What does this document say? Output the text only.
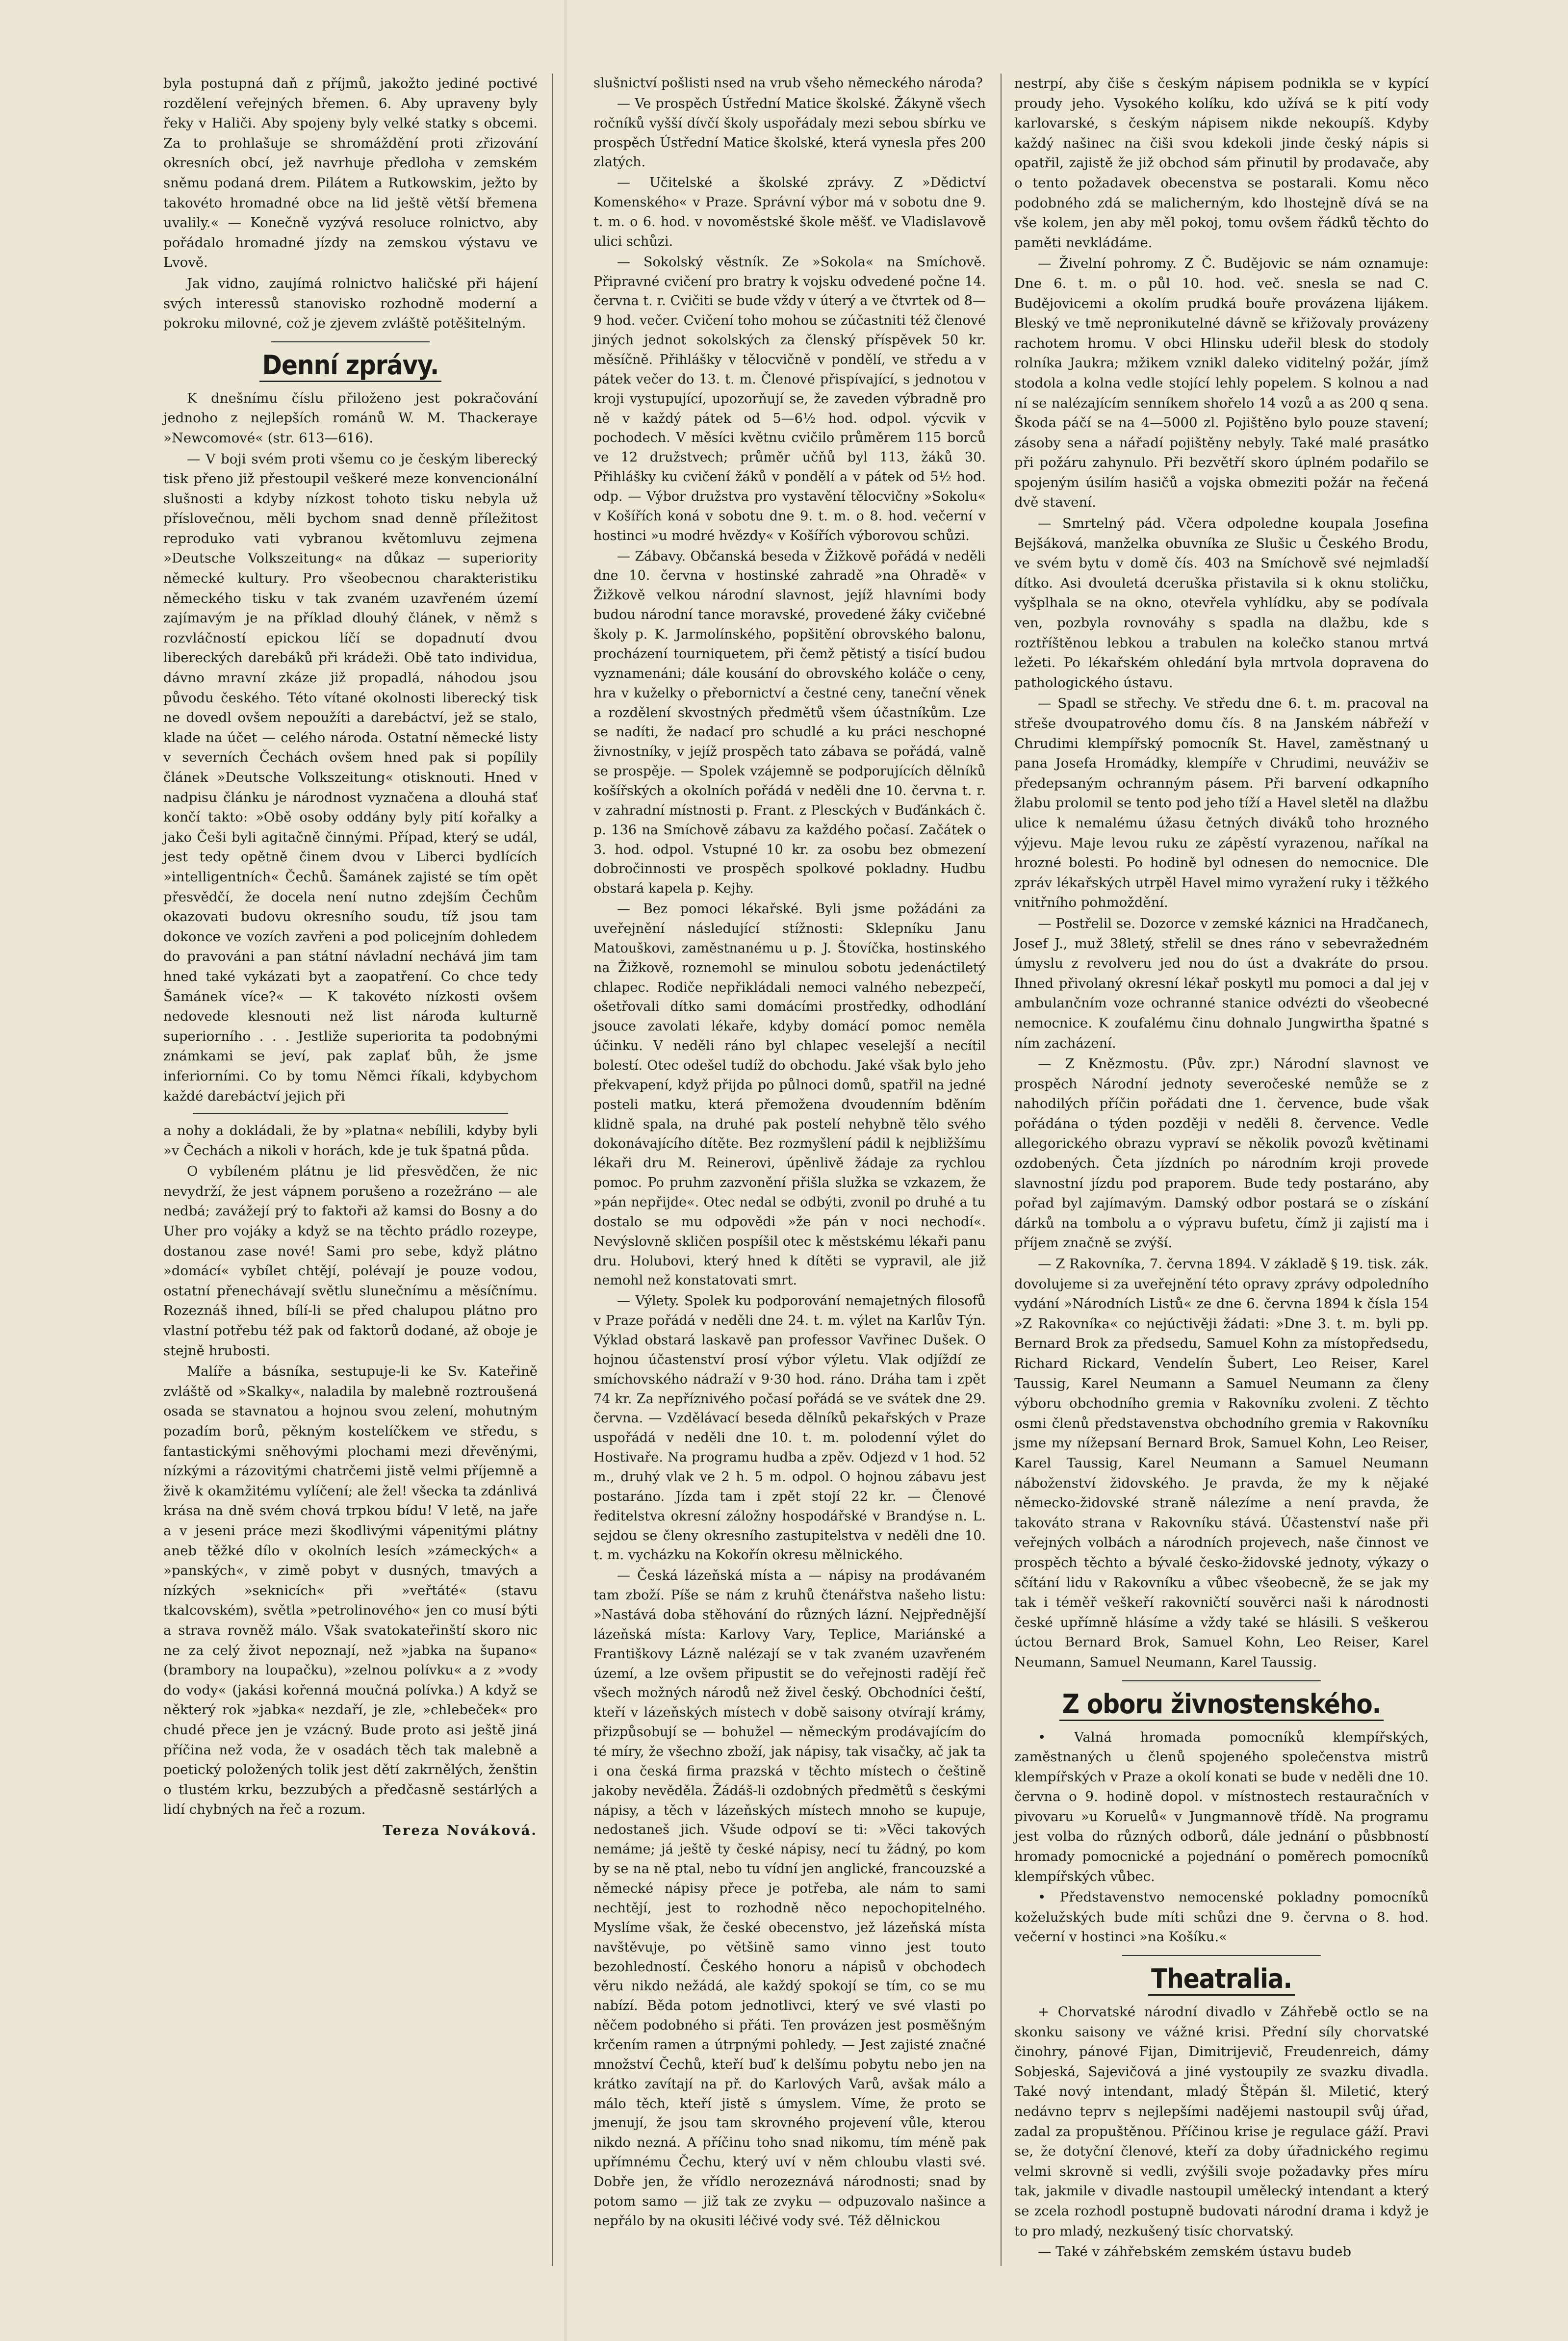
byla postupná daň z příjmů, jakožto jediné poctivé rozdělení veřejných břemen. 6. Aby upraveny byly řeky v Haliči. Aby spojeny byly velké statky s obcemi. Za to prohlašuje se shromáždění proti zřizování okresních obcí, jež navrhuje předloha v zemském sněmu podaná drem. Pilátem a Rutkowskim, ježto by takovéto hromadné obce na lid ještě větší břemena uvalily.« — Konečně vyzývá resoluce rolnictvo, aby pořádalo hromadné jízdy na zemskou výstavu ve Lvově.

Jak vidno, zaujímá rolnictvo haličské při hájení svých interessů stanovisko rozhodně moderní a pokroku milovné, což je zjevem zvláště potěšitelným.

Denní zprávy.

K dnešnímu číslu přiloženo jest pokračování jednoho z nejlepších románů W. M. Thackeraye »Newcomové« (str. 613—616).

— V boji svém proti všemu co je českým liberecký tisk přeno již přestoupil veškeré meze konvencionální slušnosti a kdyby nízkost tohoto tisku nebyla už příslovečnou, měli bychom snad denně příležitost reproduko vati vybranou květomluvu zejmena »Deutsche Volkszeitung« na důkaz — superiority německé kultury. Pro všeobecnou charakteristiku německého tisku v tak zvaném uzavřeném území zajímavým je na příklad dlouhý článek, v němž s rozvláčností epickou líčí se dopadnutí dvou libereckých darebáků při krádeži. Obě tato individua, dávno mravní zkáze již propadlá, náhodou jsou původu českého. Této vítané okolnosti liberecký tisk ne dovedl ovšem nepoužíti a darebáctví, jež se stalo, klade na účet — celého národa. Ostatní německé listy v severních Čechách ovšem hned pak si popílily článek »Deutsche Volkszeitung« otisknouti. Hned v nadpisu článku je národnost vyznačena a dlouhá stať končí takto: »Obě osoby oddány byly pití kořalky a jako Češi byli agitačně činnými. Případ, který se udál, jest tedy opětně činem dvou v Liberci bydlících »intelligentních« Čechů. Šamánek zajisté se tím opět přesvědčí, že docela není nutno zdejším Čechům okazovati budovu okresního soudu, tíž jsou tam dokonce ve vozích zavřeni a pod policejním dohledem do pravováni a pan státní návladní nechává jim tam hned také vykázati byt a zaopatření. Co chce tedy Šamánek více?« — K takovéto nízkosti ovšem nedovede klesnouti než list národa kulturně superiorního . . . Jestliže superiorita ta podobnými známkami se jeví, pak zaplať bůh, že jsme inferiorními. Co by tomu Němci říkali, kdybychom každé darebáctví jejich při

a nohy a dokládali, že by »platna« nebílili, kdyby byli »v Čechách a nikoli v horách, kde je tuk špatná půda.

O vybíleném plátnu je lid přesvědčen, že nic nevydrží, že jest vápnem porušeno a rozežráno — ale nedbá; zavážejí prý to faktoři až kamsi do Bosny a do Uher pro vojáky a když se na těchto prádlo rozeype, dostanou zase nové! Sami pro sebe, když plátno »domácí« vybílet chtějí, polévají je pouze vodou, ostatní přenechávají světlu slunečnímu a měsíčnímu. Rozeznáš ihned, bílí-li se před chalupou plátno pro vlastní potřebu též pak od faktorů dodané, až oboje je stejně hrubosti.

Malíře a básníka, sestupuje-li ke Sv. Kateřině zvláště od »Skalky«, naladila by malebně roztroušená osada se stavnatou a hojnou svou zelení, mohutným pozadím borů, pěkným kostelíčkem ve středu, s fantastickými sněhovými plochami mezi dřevěnými, nízkými a rázovitými chatrčemi jistě velmi příjemně a živě k okamžitému vylíčení; ale žel! všecka ta zdánlivá krása na dně svém chová trpkou bídu! V letě, na jaře a v jeseni práce mezi škodlivými vápenitými plátny aneb těžké dílo v okolních lesích »zámeckých« a »panských«, v zimě pobyt v dusných, tmavých a nízkých »seknicích« při »veřtáté« (stavu tkalcovském), světla »petrolinového« jen co musí býti a strava rovněž málo. Však svatokateřinští skoro nic ne za celý život nepoznají, než »jabka na šupano« (brambory na loupačku), »zelnou polívku« a z »vody do vody« (jakási kořenná moučná polívka.) A když se některý rok »jabka« nezdaří, je zle, »chlebeček« pro chudé přece jen je vzácný. Bude proto asi ještě jiná příčina než voda, že v osadách těch tak malebně a poetický položených tolik jest dětí zakrnělých, ženštin o tlustém krku, bezzubých a předčasně sestárlých a lidí chybných na řeč a rozum.

Tereza Nováková.

slušnictví pošlisti nsed na vrub všeho německého národa?

— Ve prospěch Ústřední Matice školské. Žákyně všech ročníků vyšší dívčí školy uspořádaly mezi sebou sbírku ve prospěch Ústřední Matice školské, která vynesla přes 200 zlatých.

— Učitelské a školské zprávy. Z »Dědictví Komenského« v Praze. Správní výbor má v sobotu dne 9. t. m. o 6. hod. v novoměstské škole měšť. ve Vladislavově ulici schůzi.

— Sokolský věstník. Ze »Sokola« na Smíchově. Připravné cvičení pro bratry k vojsku odvedené počne 14. června t. r. Cvičiti se bude vždy v úterý a ve čtvrtek od 8—9 hod. večer. Cvičení toho mohou se zúčastniti též členové jiných jednot sokolských za členský příspěvek 50 kr. měsíčně. Přihlášky v tělocvičně v pondělí, ve středu a v pátek večer do 13. t. m. Členové přispívající, s jednotou v kroji vystupující, upozorňují se, že zaveden výbradně pro ně v každý pátek od 5—6½ hod. odpol. výcvik v pochodech. V měsíci květnu cvičilo průměrem 115 borců ve 12 družstvech; průměr učňů byl 113, žáků 30. Přihlášky ku cvičení žáků v pondělí a v pátek od 5½ hod. odp. — Výbor družstva pro vystavění tělocvičny »Sokolu« v Košířích koná v sobotu dne 9. t. m. o 8. hod. večerní v hostinci »u modré hvězdy« v Košířích výborovou schůzi.

— Zábavy. Občanská beseda v Žižkově pořádá v neděli dne 10. června v hostinské zahradě »na Ohradě« v Žižkově velkou národní slavnost, jejíž hlavními body budou národní tance moravské, provedené žáky cvičebné školy p. K. Jarmolínského, popšitění obrovského balonu, procházení tourniquetem, při čemž pětistý a tisící budou vyznamenáni; dále kousání do obrovského koláče o ceny, hra v kuželky o přebornictví a čestné ceny, taneční věnek a rozdělení skvostných předmětů všem účastníkům. Lze se nadíti, že nadací pro schudlé a ku práci neschopné živnostníky, v jejíž prospěch tato zábava se pořádá, valně se prospěje. — Spolek vzájemně se podporujících dělníků košířských a okolních pořádá v neděli dne 10. června t. r. v zahradní místnosti p. Frant. z Plesckých v Buďánkách č. p. 136 na Smíchově zábavu za každého počasí. Začátek o 3. hod. odpol. Vstupné 10 kr. za osobu bez obmezení dobročinnosti ve prospěch spolkové pokladny. Hudbu obstará kapela p. Kejhy.

— Bez pomoci lékařské. Byli jsme požádáni za uveřejnění následující stížnosti: Sklepníku Janu Matouškovi, zaměstnanému u p. J. Štovíčka, hostinského na Žižkově, roznemohl se minulou sobotu jedenáctiletý chlapec. Rodiče nepřikládali nemoci valného nebezpečí, ošetřovali dítko sami domácími prostředky, odhodlání jsouce zavolati lékaře, kdyby domácí pomoc neměla účinku. V neděli ráno byl chlapec veselejší a necítil bolestí. Otec odešel tudíž do obchodu. Jaké však bylo jeho překvapení, když přijda po půlnoci domů, spatřil na jedné posteli matku, která přemožena dvoudenním bděním klidně spala, na druhé pak postelí nehybně tělo svého dokonávajícího dítěte. Bez rozmyšlení pádil k nejbližšímu lékaři dru M. Reinerovi, úpěnlivě žádaje za rychlou pomoc. Po pruhm zazvonění přišla služka se vzkazem, že »pán nepřijde«. Otec nedal se odbýti, zvonil po druhé a tu dostalo se mu odpovědi »že pán v noci nechodí«. Nevýslovně skličen pospíšil otec k městskému lékaři panu dru. Holubovi, který hned k dítěti se vypravil, ale již nemohl než konstatovati smrt.

— Výlety. Spolek ku podporování nemajetných filosofů v Praze pořádá v neděli dne 24. t. m. výlet na Karlův Týn. Výklad obstará laskavě pan professor Vavřinec Dušek. O hojnou účastenství prosí výbor výletu. Vlak odjíždí ze smíchovského nádraží v 9·30 hod. ráno. Dráha tam i zpět 74 kr. Za nepříznivého počasí pořádá se ve svátek dne 29. června. — Vzdělávací beseda dělníků pekařských v Praze uspořádá v neděli dne 10. t. m. polodenní výlet do Hostivaře. Na programu hudba a zpěv. Odjezd v 1 hod. 52 m., druhý vlak ve 2 h. 5 m. odpol. O hojnou zábavu jest postaráno. Jízda tam i zpět stojí 22 kr. — Členové ředitelstva okresní záložny hospodářské v Brandýse n. L. sejdou se členy okresního zastupitelstva v neděli dne 10. t. m. vycházku na Kokořín okresu mělnického.

— Česká lázeňská místa a — nápisy na prodávaném tam zboží. Píše se nám z kruhů čtenářstva našeho listu: »Nastává doba stěhování do různých lázní. Nejpřednější lázeňská místa: Karlovy Vary, Teplice, Mariánské a Františkovy Lázně nalézají se v tak zvaném uzavřeném území, a lze ovšem připustit se do veřejnosti radějí řeč všech možných národů než živel český. Obchodníci čeští, kteří v lázeňských místech v době saisony otvírají krámy, přizpůsobují se — bohužel — německým prodávajícím do té míry, že všechno zboží, jak nápisy, tak visačky, ač jak ta i ona česká firma prazská v těchto místech o češtině jakoby nevěděla. Žádáš-li ozdobných předmětů s českými nápisy, a těch v lázeňských místech mnoho se kupuje, nedostaneš jich. Všude odpoví se ti: »Věci takových nemáme; já ještě ty české nápisy, necí tu žádný, po kom by se na ně ptal, nebo tu vídní jen anglické, francouzské a německé nápisy přece je potřeba, ale nám to sami nechtějí, jest to rozhodně něco nepochopitelného. Myslíme však, že české obecenstvo, jež lázeňská místa navštěvuje, po většině samo vinno jest touto bezohledností. Českého honoru a nápisů v obchodech věru nikdo nežádá, ale každý spokojí se tím, co se mu nabízí. Běda potom jednotlivci, který ve své vlasti po něčem podobného si přáti. Ten provázen jest posměšným krčením ramen a útrpnými pohledy. — Jest zajisté značné množství Čechů, kteří buď k delšímu pobytu nebo jen na krátko zavítají na př. do Karlových Varů, avšak málo a málo těch, kteří jistě s úmyslem. Víme, že proto se jmenují, že jsou tam skrovného projevení vůle, kterou nikdo nezná. A příčinu toho snad nikomu, tím méně pak upřímnému Čechu, který uví v něm chloubu vlasti své. Dobře jen, že vřídlo nerozeznává národnosti; snad by potom samo — již tak ze zvyku — odpuzovalo našince a nepřálo by na okusiti léčivé vody své. Též dělnickou

nestrpí, aby čiše s českým nápisem podnikla se v kypící proudy jeho. Vysokého kolíku, kdo užívá se k pití vody karlovarské, s českým nápisem nikde nekoupíš. Kdyby každý našinec na čiši svou kdekoli jinde český nápis si opatřil, zajistě že již obchod sám přinutil by prodavače, aby o tento požadavek obecenstva se postarali. Komu něco podobného zdá se malicherným, kdo lhostejně dívá se na vše kolem, jen aby měl pokoj, tomu ovšem řádků těchto do paměti nevkládáme.

— Živelní pohromy. Z Č. Budějovic se nám oznamuje: Dne 6. t. m. o půl 10. hod. več. snesla se nad C. Budějovicemi a okolím prudká bouře provázena lijákem. Bleský ve tmě nepronikutelné dávně se křižovaly provázeny rachotem hromu. V obci Hlinsku udeřil blesk do stodoly rolníka Jaukra; mžikem vznikl daleko viditelný požár, jímž stodola a kolna vedle stojící lehly popelem. S kolnou a nad ní se nalézajícím senníkem shořelo 14 vozů a as 200 q sena. Škoda páčí se na 4—5000 zl. Pojištěno bylo pouze stavení; zásoby sena a nářadí pojištěny nebyly. Také malé prasátko při požáru zahynulo. Při bezvětří skoro úplném podařilo se spojeným úsilím hasičů a vojska obmeziti požár na řečená dvě stavení.

— Smrtelný pád. Včera odpoledne koupala Josefina Bejšáková, manželka obuvníka ze Slušic u Českého Brodu, ve svém bytu v domě čís. 403 na Smíchově své nejmladší dítko. Asi dvouletá dceruška přistavila si k oknu stoličku, vyšplhala se na okno, otevřela vyhlídku, aby se podívala ven, pozbyla rovnováhy s spadla na dlažbu, kde s roztříštěnou lebkou a trabulen na kolečko stanou mrtvá ležeti. Po lékařském ohledání byla mrtvola dopravena do pathologického ústavu.

— Spadl se střechy. Ve středu dne 6. t. m. pracoval na střeše dvoupatrového domu čís. 8 na Janském nábřeží v Chrudimi klempířský pomocník St. Havel, zaměstnaný u pana Josefa Hromádky, klempíře v Chrudimi, neuváživ se předepsaným ochranným pásem. Při barvení odkapního žlabu prolomil se tento pod jeho tíží a Havel sletěl na dlažbu ulice k nemalému úžasu četných diváků toho hrozného výjevu. Maje levou ruku ze zápěstí vyrazenou, naříkal na hrozné bolesti. Po hodině byl odnesen do nemocnice. Dle zpráv lékařských utrpěl Havel mimo vyražení ruky i těžkého vnitřního pohmoždění.

— Postřelil se. Dozorce v zemské káznici na Hradčanech, Josef J., muž 38letý, střelil se dnes ráno v sebevražedném úmyslu z revolveru jed nou do úst a dvakráte do prsou. Ihned přivolaný okresní lékař poskytl mu pomoci a dal jej v ambulančním voze ochranné stanice odvézti do všeobecné nemocnice. K zoufalému činu dohnalo Jungwirtha špatné s ním zacházení.

— Z Knězmostu. (Pův. zpr.) Národní slavnost ve prospěch Národní jednoty severočeské nemůže se z nahodilých příčin pořádati dne 1. července, bude však pořádána o týden později v neděli 8. července. Vedle allegorického obrazu vypraví se několik povozů květinami ozdobených. Četa jízdních po národním kroji provede slavnostní jízdu pod praporem. Bude tedy postaráno, aby pořad byl zajímavým. Damský odbor postará se o získání dárků na tombolu a o výpravu bufetu, čímž ji zajistí ma i příjem značně se zvýší.

— Z Rakovníka, 7. června 1894. V základě § 19. tisk. zák. dovolujeme si za uveřejnění této opravy zprávy odpoledního vydání »Národních Listů« ze dne 6. června 1894 k čísla 154 »Z Rakovníka« co nejúctivěji žádati: »Dne 3. t. m. byli pp. Bernard Brok za předsedu, Samuel Kohn za místopředsedu, Richard Rickard, Vendelín Šubert, Leo Reiser, Karel Taussig, Karel Neumann a Samuel Neumann za členy výboru obchodního gremia v Rakovníku zvoleni. Z těchto osmi členů představenstva obchodního gremia v Rakovníku jsme my nížepsaní Bernard Brok, Samuel Kohn, Leo Reiser, Karel Taussig, Karel Neumann a Samuel Neumann náboženství židovského. Je pravda, že my k nějaké německo-židovské straně nálezíme a není pravda, že takováto strana v Rakovníku stává. Účastenství naše při veřejných volbách a národních projevech, naše činnost ve prospěch těchto a bývalé česko-židovské jednoty, výkazy o sčítání lidu v Rakovníku a vůbec všeobecně, že se jak my tak i téměř veškeří rakovničtí souvěrci naši k národnosti české upřímně hlásíme a vždy také se hlásili. S veškerou úctou Bernard Brok, Samuel Kohn, Leo Reiser, Karel Neumann, Samuel Neumann, Karel Taussig.

Z oboru živnostenského.

• Valná hromada pomocníků klempířských, zaměstnaných u členů spojeného společenstva mistrů klempířských v Praze a okolí konati se bude v neděli dne 10. června o 9. hodině dopol. v místnostech restauračních v pivovaru »u Koruelů« v Jungmannově třídě. Na programu jest volba do různých odborů, dále jednání o půsbbností hromady pomocnické a pojednání o poměrech pomocníků klempířských vůbec.

• Představenstvo nemocenské pokladny pomocníků koželužských bude míti schůzi dne 9. června o 8. hod. večerní v hostinci »na Košíku.«

Theatralia.

+ Chorvatské národní divadlo v Záhřebě octlo se na skonku saisony ve vážné krisi. Přední síly chorvatské činohry, pánové Fijan, Dimitrijevič, Freudenreich, dámy Sobjeská, Sajevičová a jiné vystoupily ze svazku divadla. Také nový intendant, mladý Štěpán šl. Miletić, který nedávno teprv s nejlepšími nadějemi nastoupil svůj úřad, zadal za propuštěnou. Příčinou krise je regulace gáží. Pravi se, že dotyční členové, kteří za doby úřadnického regimu velmi skrovně si vedli, zvýšili svoje požadavky přes míru tak, jakmile v divadle nastoupil umělecký intendant a který se zcela rozhodl postupně budovati národní drama i když je to pro mladý, nezkušený tisíc chorvatský.

— Také v záhřebském zemském ústavu budeb
